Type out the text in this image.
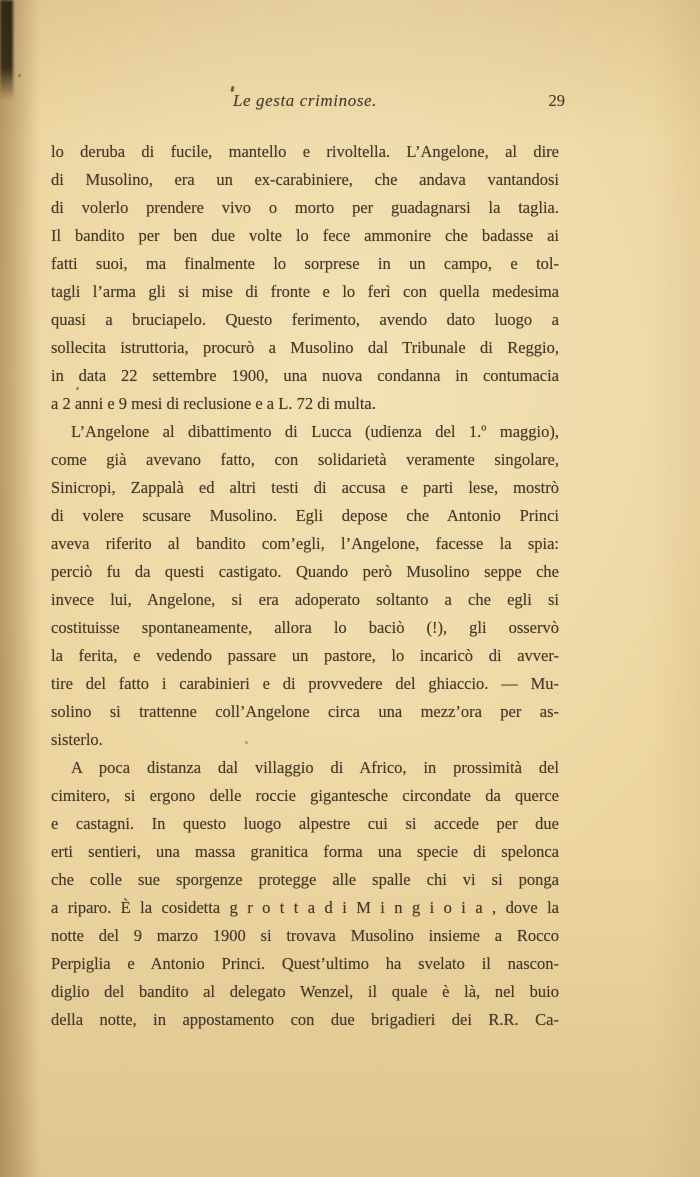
Le gesta criminose.	29
lo deruba di fucile, mantello e rivoltella. L’Angelone, al dire
di Musolino, era un ex-carabiniere, che andava vantandosi
di volerlo prendere vivo o morto per guadagnarsi la taglia.
Il bandito per ben due volte lo fece ammonire che badasse ai
fatti suoi, ma finalmente lo sorprese in un campo, e tol-
tagli l’arma gli si mise di fronte e lo ferì con quella medesima
quasi a bruciapelo. Questo ferimento, avendo dato luogo a
sollecita istruttoria, procurò a Musolino dal Tribunale di Reggio,
in data 22 settembre 1900, una nuova condanna in contumacia
a 2 anni e 9 mesi di reclusione e a L. 72 di multa.
L’Angelone al dibattimento di Lucca (udienza del 1.º maggio),
come già avevano fatto, con solidarietà veramente singolare,
Sinicropi, Zappalà ed altri testi di accusa e parti lese, mostrò
di volere scusare Musolino. Egli depose che Antonio Princi
aveva riferito al bandito com’egli, l’Angelone, facesse la spia:
perciò fu da questi castigato. Quando però Musolino seppe che
invece lui, Angelone, si era adoperato soltanto a che egli si
costituisse spontaneamente, allora lo baciò (!), gli osservò
la ferita, e vedendo passare un pastore, lo incaricò di avver-
tire del fatto i carabinieri e di provvedere del ghiaccio. — Mu-
solino si trattenne coll’Angelone circa una mezz’ora per as-
sisterlo.
A poca distanza dal villaggio di Africo, in prossimità del
cimitero, si ergono delle roccie gigantesche circondate da querce
e castagni. In questo luogo alpestre cui si accede per due
erti sentieri, una massa granitica forma una specie di spelonca
che colle sue sporgenze protegge alle spalle chi vi si ponga
a riparo. È la cosidetta g r o t t a d i M i n g i o i a , dove la
notte del 9 marzo 1900 si trovava Musolino insieme a Rocco
Perpiglia e Antonio Princi. Quest’ultimo ha svelato il nascon-
diglio del bandito al delegato Wenzel, il quale è là, nel buio
della notte, in appostamento con due brigadieri dei R.R. Ca-
